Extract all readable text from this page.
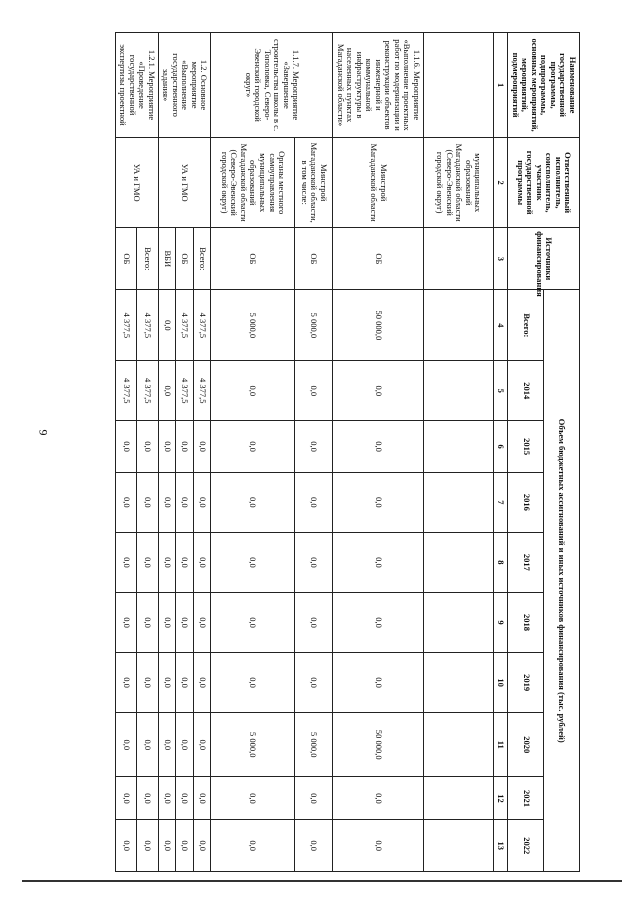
9
Наименование государственной программы, подпрограммы, основных мероприятий, мероприятий, подмероприятий	Ответственный исполнитель, соисполнитель, участник государственной программы	Источники финансирования	Объем бюджетных ассигнований и иных источников финансирования (тыс. рублей)									
			Всего:	2014	2015	2016	2017	2018	2019	2020	2021	2022
1	2	3	4	5	6	7	8	9	10	11	12	13
	муниципальных образований Магаданской области (Северо-Эвенский городской округ)											
1.1.6. Мероприятие «Выполнение проектных работ по модернизации и реконструкции объектов инженерной и коммунальной инфраструктуры в населенных пунктах Магаданской области»	Минстрой Магаданской области	ОБ	50 000,0	0,0	0,0	0,0	0,0	0,0	0,0	50 000,0	0,0	0,0
1.1.7. Мероприятие «Завершение строительства школы в с. Тополовка, Северо-Эвенский городской округ»	Минстрой Магаданской области, в том числе:	ОБ	5 000,0	0,0	0,0	0,0	0,0	0,0	0,0	5 000,0	0,0	0,0
	Органы местного самоуправления муниципальных образований Магаданской области (Северо-Эвенский городской округ)	ОБ	5 000,0	0,0	0,0	0,0	0,0	0,0	0,0	5 000,0	0,0	0,0
1.2. Основное мероприятие «Выполнение государственного задания»	УА и ГМО	Всего:	4 377,5	4 377,5	0,0	0,0	0,0	0,0	0,0	0,0	0,0	0,0
		ОБ	4 377,5	4 377,5	0,0	0,0	0,0	0,0	0,0	0,0	0,0	0,0
		ВБИ	0,0	0,0	0,0	0,0	0,0	0,0	0,0	0,0	0,0	0,0
1.2.1. Мероприятие «Проведение государственной экспертизы проектной	УА и ГМО	Всего:	4 377,5	4 377,5	0,0	0,0	0,0	0,0	0,0	0,0	0,0	0,0
		ОБ	4 377,5	4 377,5	0,0	0,0	0,0	0,0	0,0	0,0	0,0	0,0
